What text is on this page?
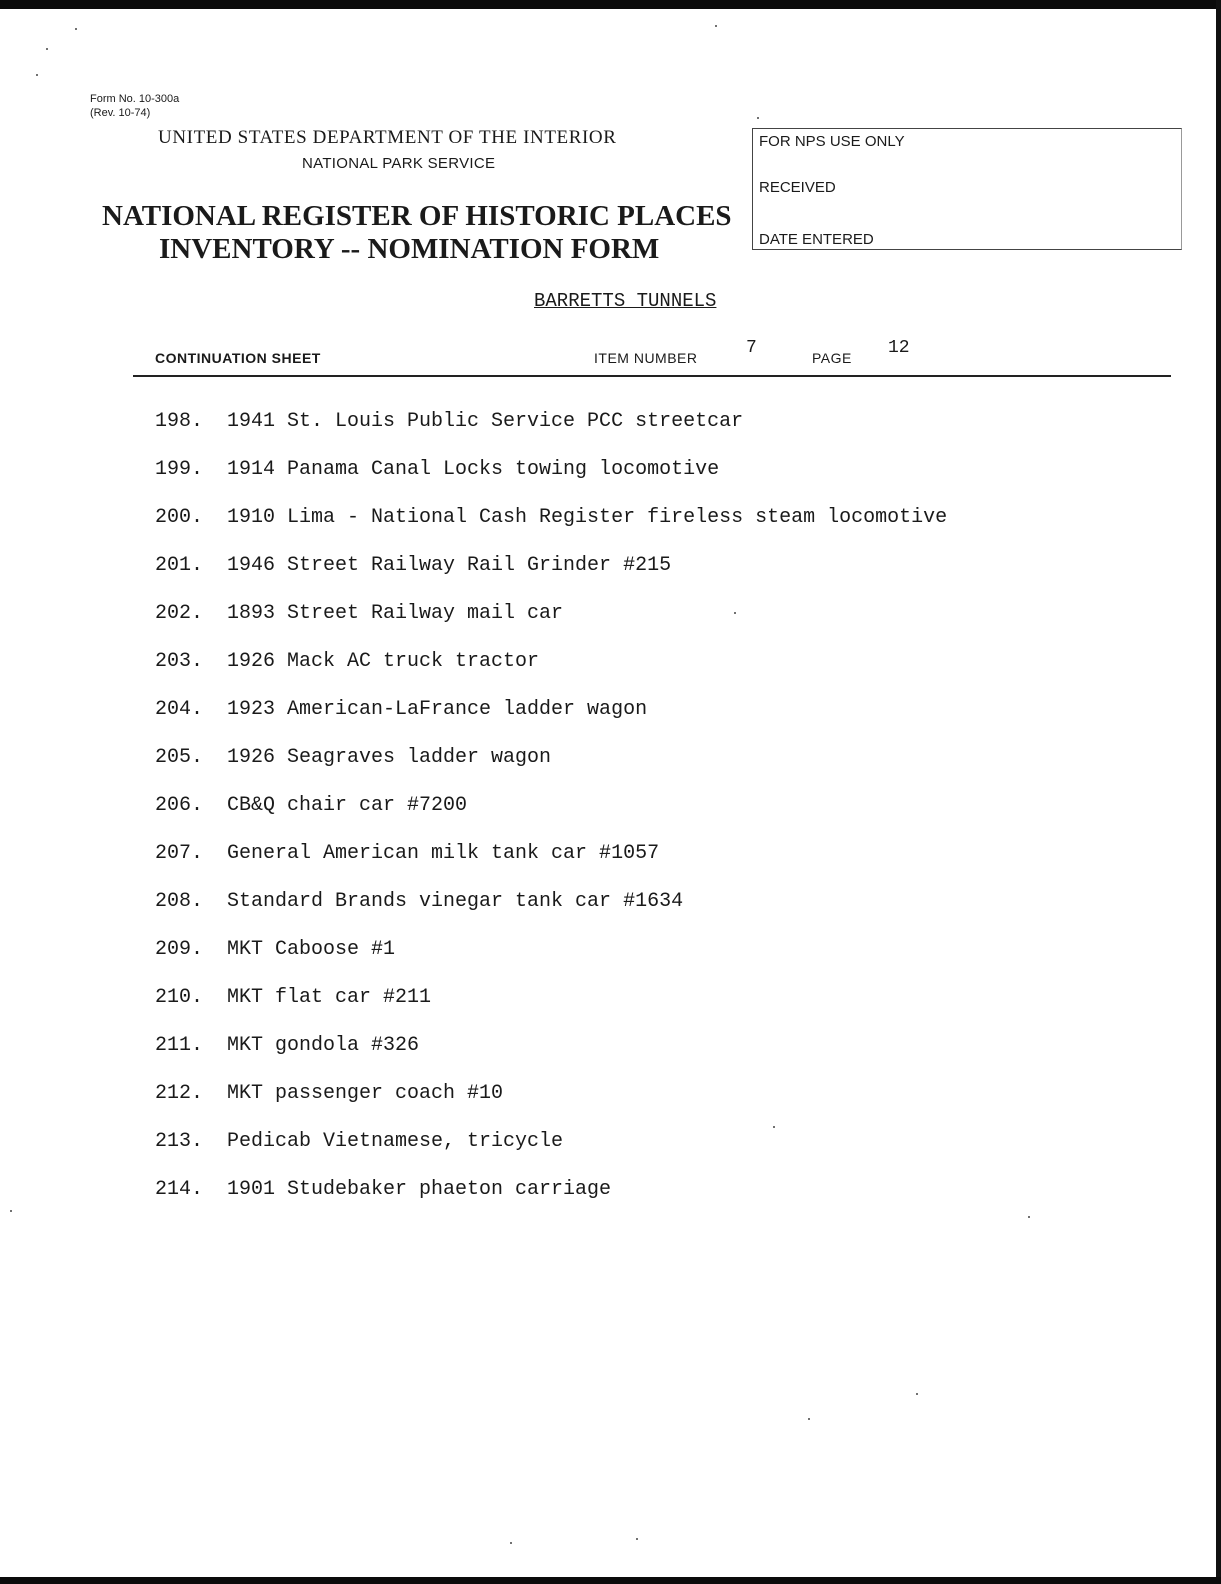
Form No. 10-300a
(Rev. 10-74)
UNITED STATES DEPARTMENT OF THE INTERIOR
NATIONAL PARK SERVICE
NATIONAL REGISTER OF HISTORIC PLACES
INVENTORY -- NOMINATION FORM
FOR NPS USE ONLY
RECEIVED
DATE ENTERED
BARRETTS TUNNELS
CONTINUATION SHEET	ITEM NUMBER	7	PAGE 12
198. 1941 St. Louis Public Service PCC streetcar
199. 1914 Panama Canal Locks towing locomotive
200. 1910 Lima - National Cash Register fireless steam locomotive
201. 1946 Street Railway Rail Grinder #215
202. 1893 Street Railway mail car
203. 1926 Mack AC truck tractor
204. 1923 American-LaFrance ladder wagon
205. 1926 Seagraves ladder wagon
206. CB&Q chair car #7200
207. General American milk tank car #1057
208. Standard Brands vinegar tank car #1634
209. MKT Caboose #1
210. MKT flat car #211
211. MKT gondola #326
212. MKT passenger coach #10
213. Pedicab Vietnamese, tricycle
214. 1901 Studebaker phaeton carriage
